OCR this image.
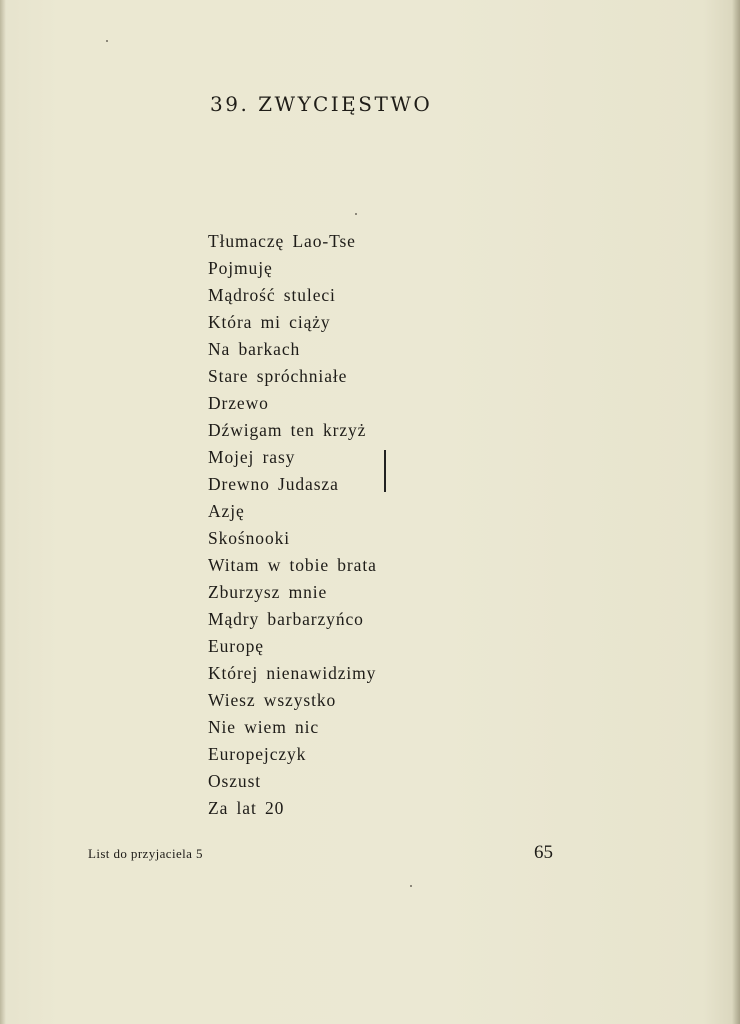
39. ZWYCIĘSTWO
Tłumaczę Lao-Tse
Pojmuję
Mądrość stuleci
Która mi ciąży
Na barkach
Stare spróchniałe
Drzewo
Dźwigam ten krzyż
Mojej rasy
Drewno Judasza
Azję
Skośnooki
Witam w tobie brata
Zburzysz mnie
Mądry barbarzyńco
Europę
Której nienawidzimy
Wiesz wszystko
Nie wiem nic
Europejczyk
Oszust
Za lat 20
List do przyjaciela 5	65
